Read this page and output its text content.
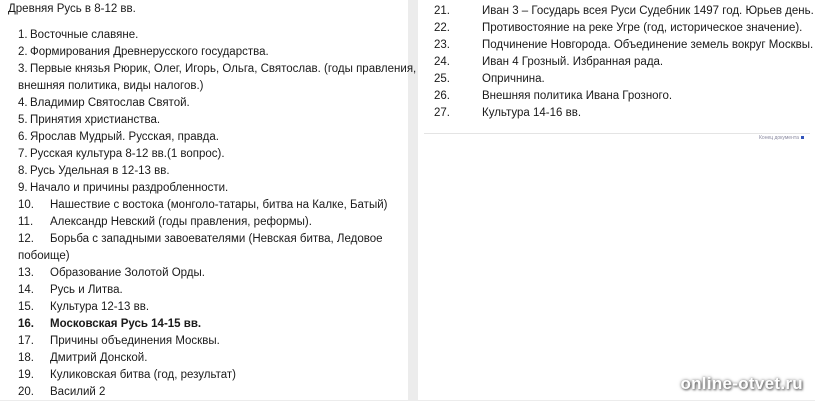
Древняя Русь в 8-12 вв.
1. Восточные славяне.
2. Формирования Древнерусского государства.
3. Первые князья Рюрик, Олег, Игорь, Ольга, Святослав. (годы правления,
внешняя политика, виды налогов.)
4. Владимир Святослав Святой.
5. Принятия христианства.
6. Ярослав Мудрый. Русская, правда.
7. Русская культура 8-12 вв.(1 вопрос).
8. Русь Удельная в 12-13 вв.
9. Начало и причины раздробленности.
10. Нашествие с востока (монголо-татары, битва на Калке, Батый)
11. Александр Невский (годы правления, реформы).
12. Борьба с западными завоевателями (Невская битва, Ледовое
побоище)
13. Образование Золотой Орды.
14. Русь и Литва.
15. Культура 12-13 вв.
16. Московская Русь 14-15 вв.
17. Причины объединения Москвы.
18. Дмитрий Донской.
19. Куликовская битва (год, результат)
20. Василий 2
21.	Иван 3 – Государь всея Руси Судебник 1497 год. Юрьев день.
22.	Противостояние на реке Угре (год, историческое значение).
23.	Подчинение Новгорода. Объединение земель вокруг Москвы.
24.	Иван 4 Грозный. Избранная рада.
25.	Опричнина.
26.	Внешняя политика Ивана Грозного.
27.	Культура 14-16 вв.
Конец документа
online-otvet.ru
